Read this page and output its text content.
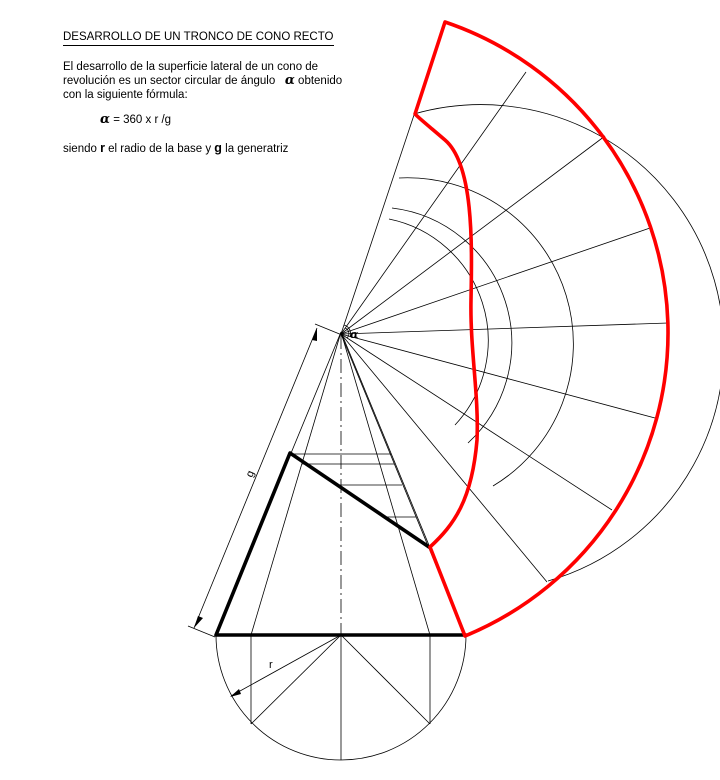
r
g
α
DESARROLLO DE UN TRONCO DE CONO RECTO
El desarrollo de la superficie lateral de un cono de
revolución es un sector circular de ángulo α obtenido
con la siguiente fórmula:
α = 360 x r /g
siendo r el radio de la base y g la generatriz
